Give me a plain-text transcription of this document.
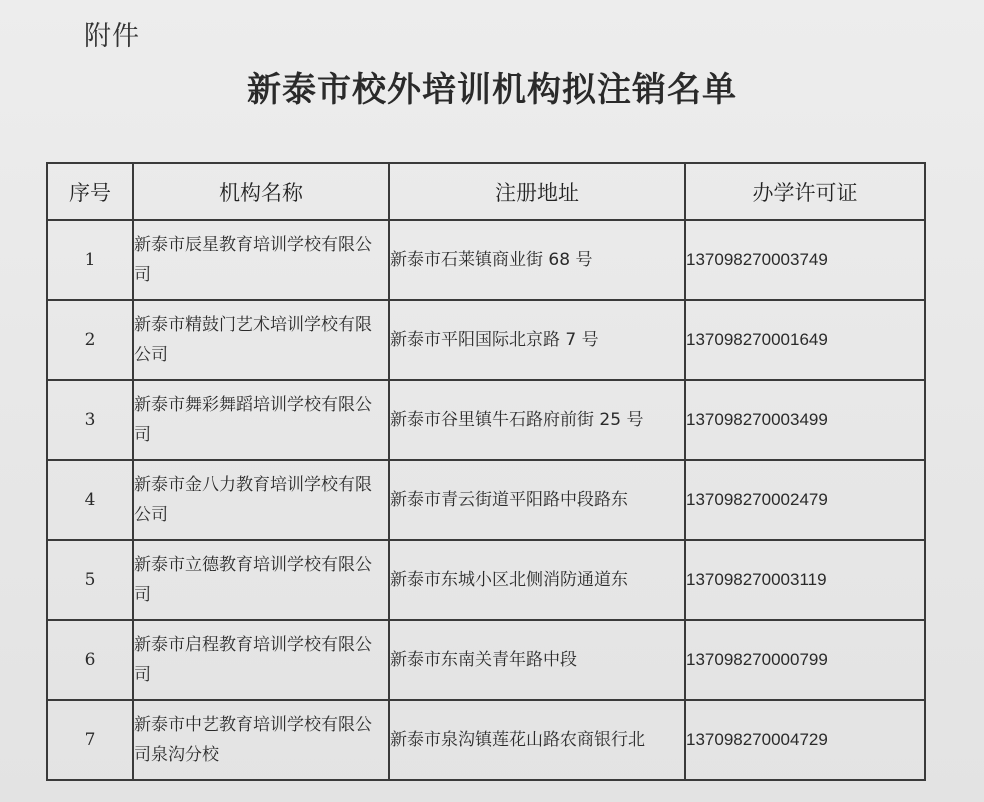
附件
新泰市校外培训机构拟注销名单
序号	机构名称	注册地址	办学许可证
1	新泰市辰星教育培训学校有限公司	新泰市石莱镇商业街 68 号	137098270003749
2	新泰市精鼓门艺术培训学校有限公司	新泰市平阳国际北京路 7 号	137098270001649
3	新泰市舞彩舞蹈培训学校有限公司	新泰市谷里镇牛石路府前街 25 号	137098270003499
4	新泰市金八力教育培训学校有限公司	新泰市青云街道平阳路中段路东	137098270002479
5	新泰市立德教育培训学校有限公司	新泰市东城小区北侧消防通道东	137098270003119
6	新泰市启程教育培训学校有限公司	新泰市东南关青年路中段	137098270000799
7	新泰市中艺教育培训学校有限公司泉沟分校	新泰市泉沟镇莲花山路农商银行北	137098270004729
